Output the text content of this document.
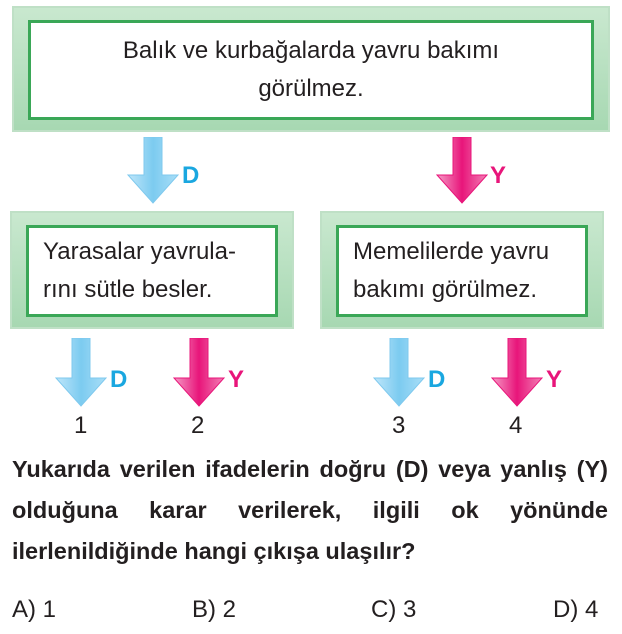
Balık ve kurbağalarda yavru bakımı

görülmez.

D	Y

Yarasalar yavrula-

rını sütle besler.

Memelilerde yavru

bakımı görülmez.

D
1
Y
2
D
3
Y
4

Yukarıda verilen ifadelerin doğru (D) veya yanlış (Y) olduğuna karar verilerek, ilgili ok yönünde ilerlenildiğinde hangi çıkışa ulaşılır?

A) 1	B) 2	C) 3	D) 4
